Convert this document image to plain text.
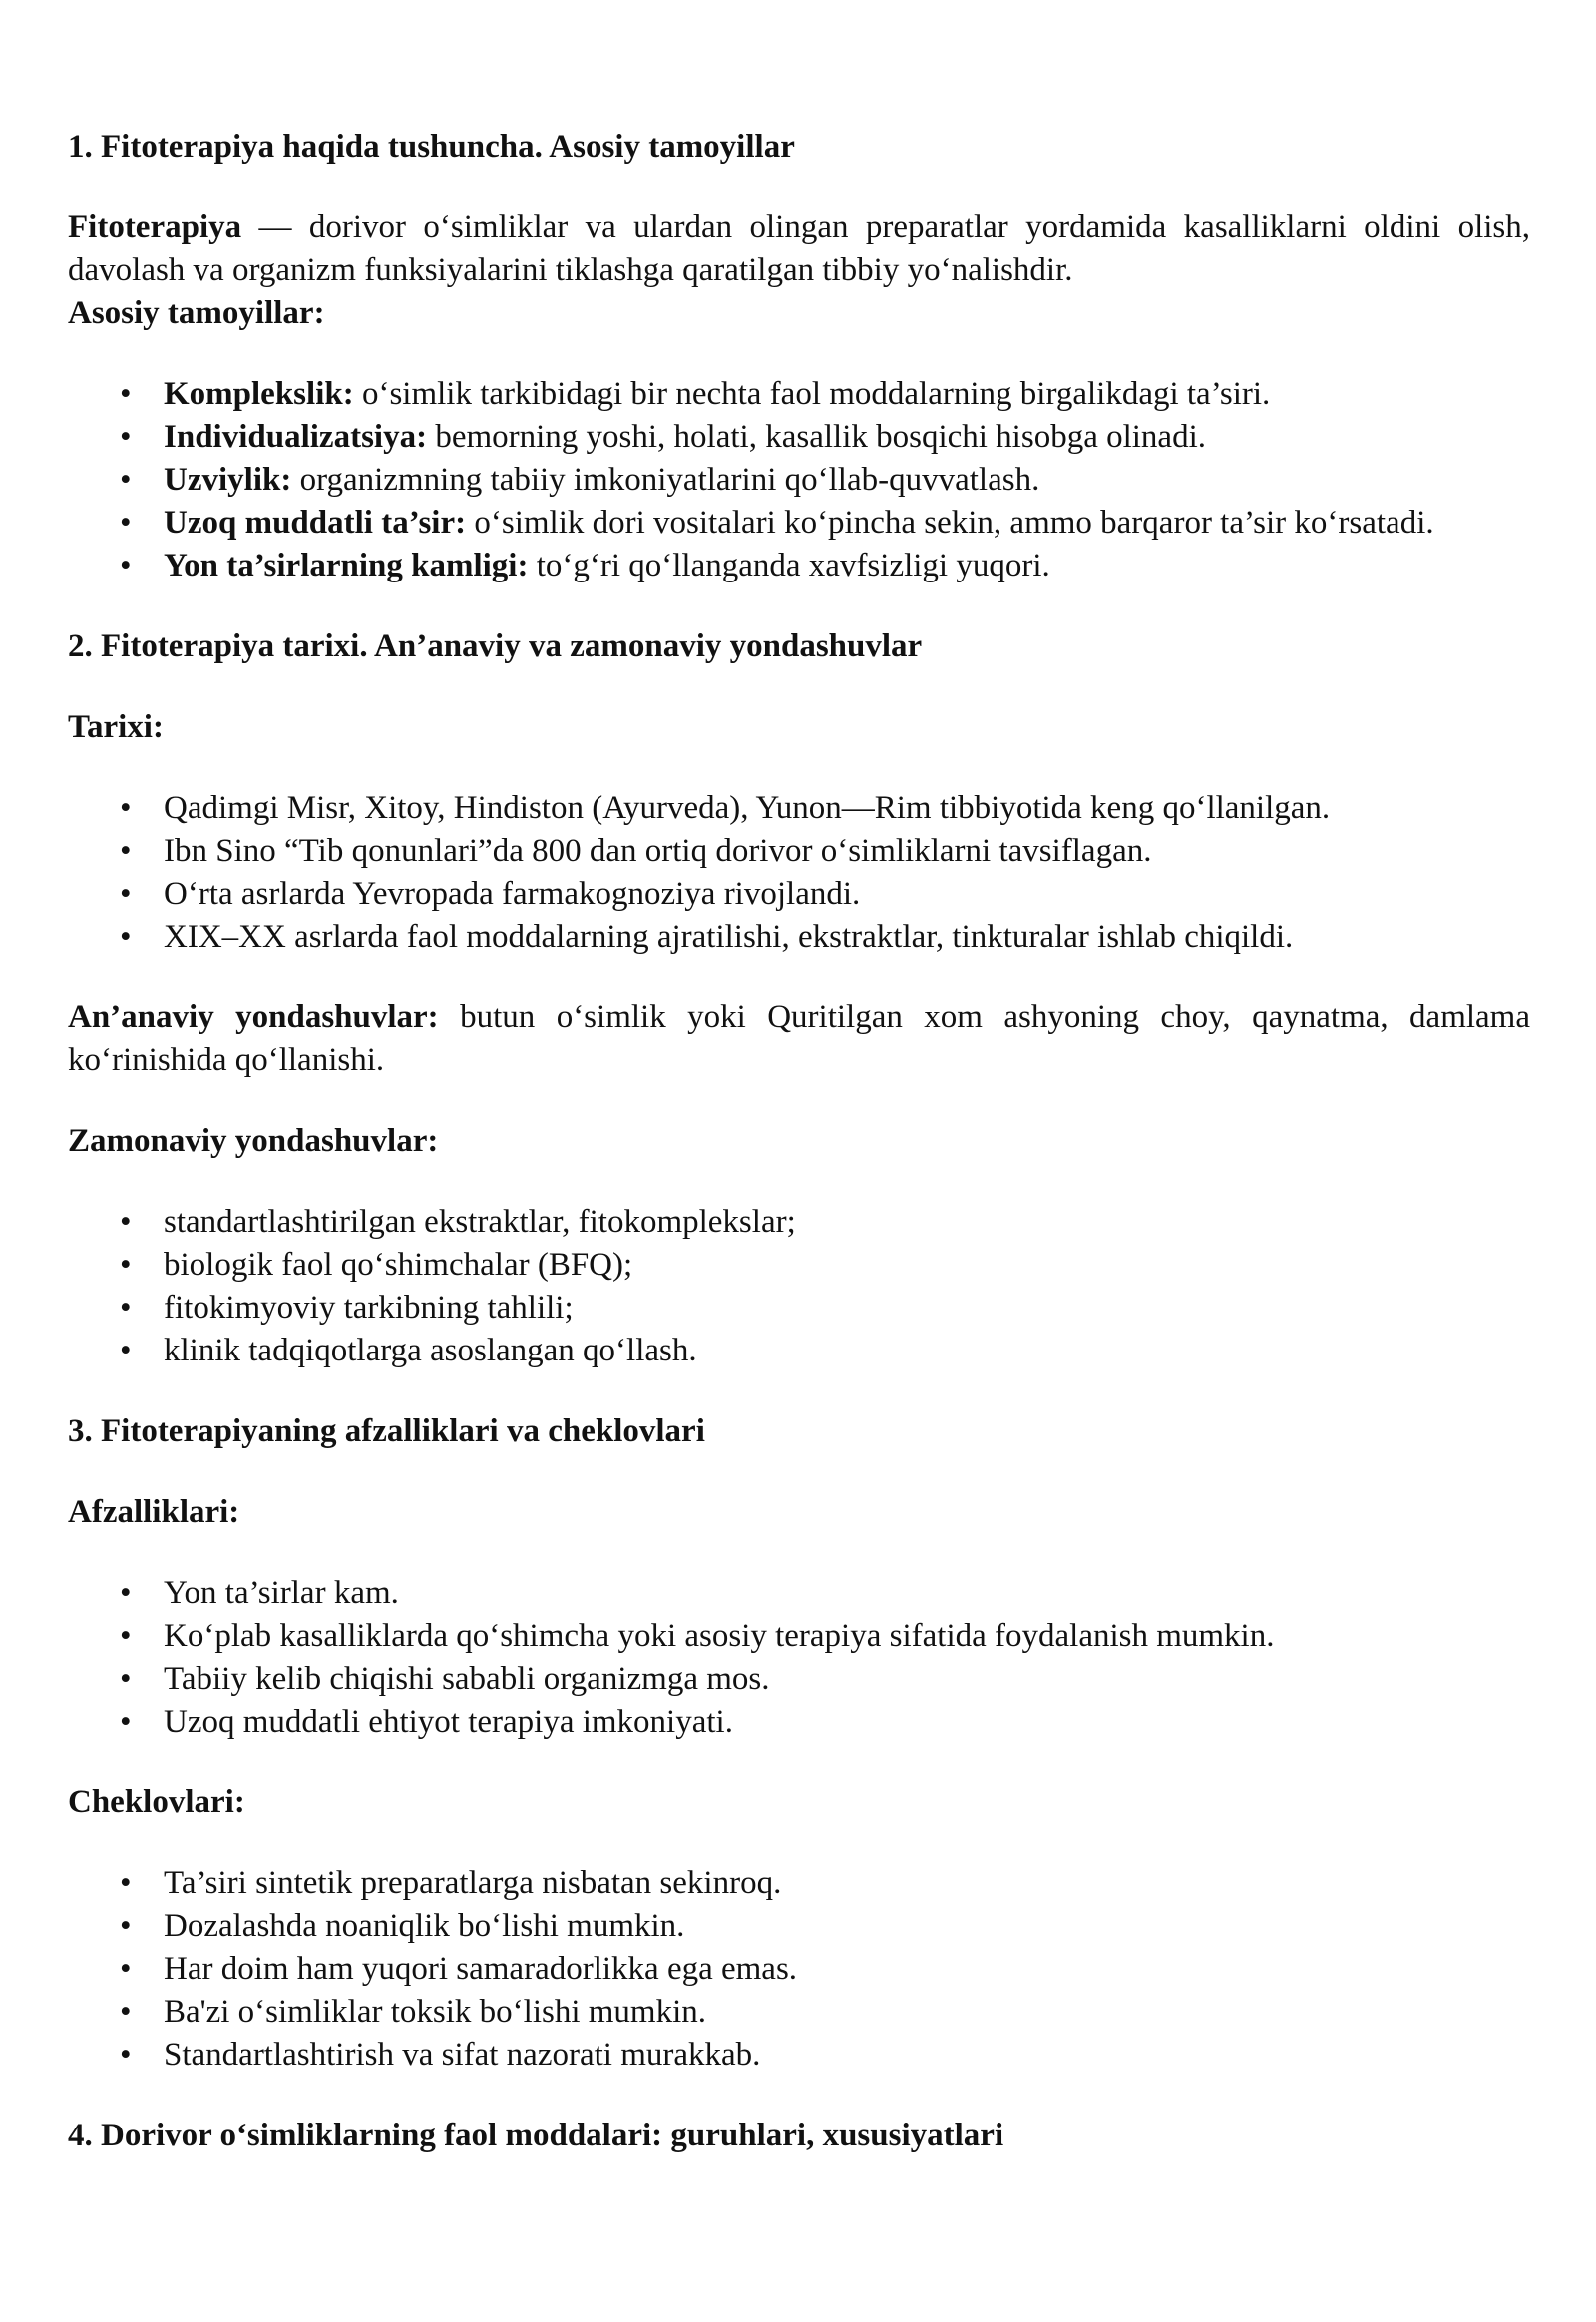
1. Fitoterapiya haqida tushuncha. Asosiy tamoyillar

Fitoterapiya — dorivor o‘simliklar va ulardan olingan preparatlar yordamida kasalliklarni oldini olish, davolash va organizm funksiyalarini tiklashga qaratilgan tibbiy yo‘nalishdir.
Asosiy tamoyillar:

• Komplekslik: o‘simlik tarkibidagi bir nechta faol moddalarning birgalikdagi ta’siri.
• Individualizatsiya: bemorning yoshi, holati, kasallik bosqichi hisobga olinadi.
• Uzviylik: organizmning tabiiy imkoniyatlarini qo‘llab-quvvatlash.
• Uzoq muddatli ta’sir: o‘simlik dori vositalari ko‘pincha sekin, ammo barqaror ta’sir ko‘rsatadi.
• Yon ta’sirlarning kamligi: to‘g‘ri qo‘llanganda xavfsizligi yuqori.
2. Fitoterapiya tarixi. An’anaviy va zamonaviy yondashuvlar
Tarixi:
• Qadimgi Misr, Xitoy, Hindiston (Ayurveda), Yunon—Rim tibbiyotida keng qo‘llanilgan.
• Ibn Sino “Tib qonunlari”da 800 dan ortiq dorivor o‘simliklarni tavsiflagan.
• O‘rta asrlarda Yevropada farmakognoziya rivojlandi.
• XIX–XX asrlarda faol moddalarning ajratilishi, ekstraktlar, tinkturalar ishlab chiqildi.

An’anaviy yondashuvlar: butun o‘simlik yoki Quritilgan xom ashyoning choy, qaynatma, damlama ko‘rinishida qo‘llanishi.

Zamonaviy yondashuvlar:
• standartlashtirilgan ekstraktlar, fitokomplekslar;
• biologik faol qo‘shimchalar (BFQ);
• fitokimyoviy tarkibning tahlili;
• klinik tadqiqotlarga asoslangan qo‘llash.
3. Fitoterapiyaning afzalliklari va cheklovlari
Afzalliklari:
• Yon ta’sirlar kam.
• Ko‘plab kasalliklarda qo‘shimcha yoki asosiy terapiya sifatida foydalanish mumkin.
• Tabiiy kelib chiqishi sababli organizmga mos.
• Uzoq muddatli ehtiyot terapiya imkoniyati.
Cheklovlari:
• Ta’siri sintetik preparatlarga nisbatan sekinroq.
• Dozalashda noaniqlik bo‘lishi mumkin.
• Har doim ham yuqori samaradorlikka ega emas.
• Ba'zi o‘simliklar toksik bo‘lishi mumkin.
• Standartlashtirish va sifat nazorati murakkab.
4. Dorivor o‘simliklarning faol moddalari: guruhlari, xususiyatlari
